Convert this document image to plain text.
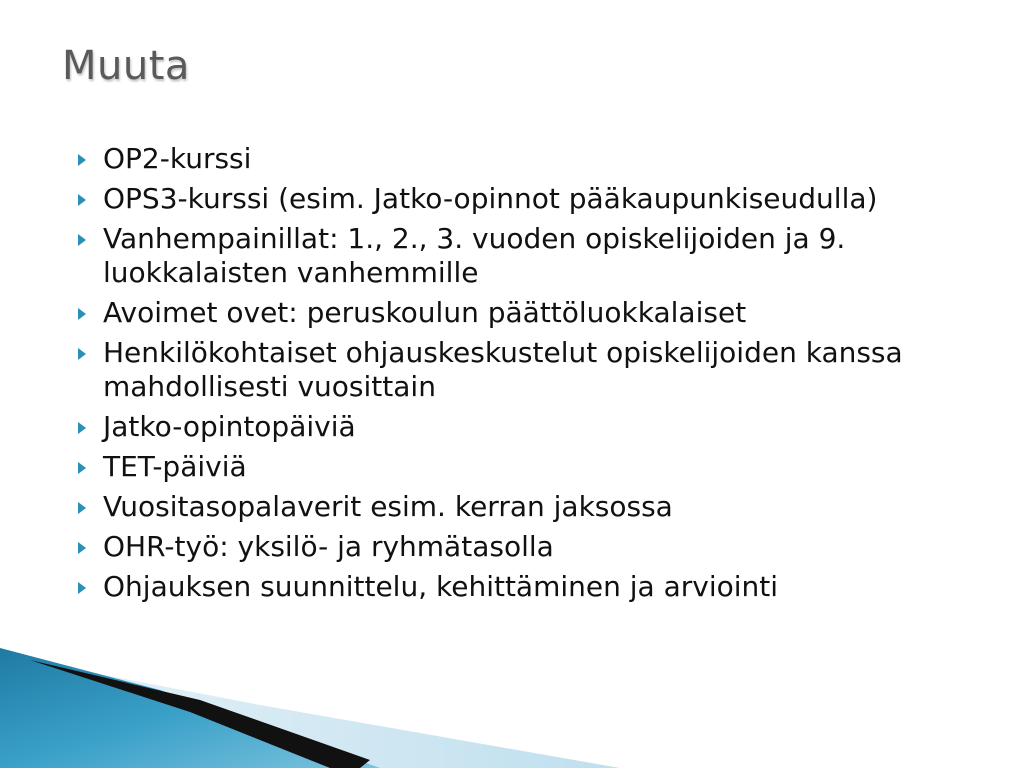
Muuta
OP2-kurssi
OPS3-kurssi (esim. Jatko-opinnot pääkaupunkiseudulla)
Vanhempainillat: 1., 2., 3. vuoden opiskelijoiden ja 9. luokkalaisten vanhemmille
Avoimet ovet: peruskoulun päättöluokkalaiset
Henkilökohtaiset ohjauskeskustelut opiskelijoiden kanssa mahdollisesti vuosittain
Jatko-opintopäiviä
TET-päiviä
Vuositasopalaverit esim. kerran jaksossa
OHR-työ: yksilö- ja ryhmätasolla
Ohjauksen suunnittelu, kehittäminen ja arviointi
